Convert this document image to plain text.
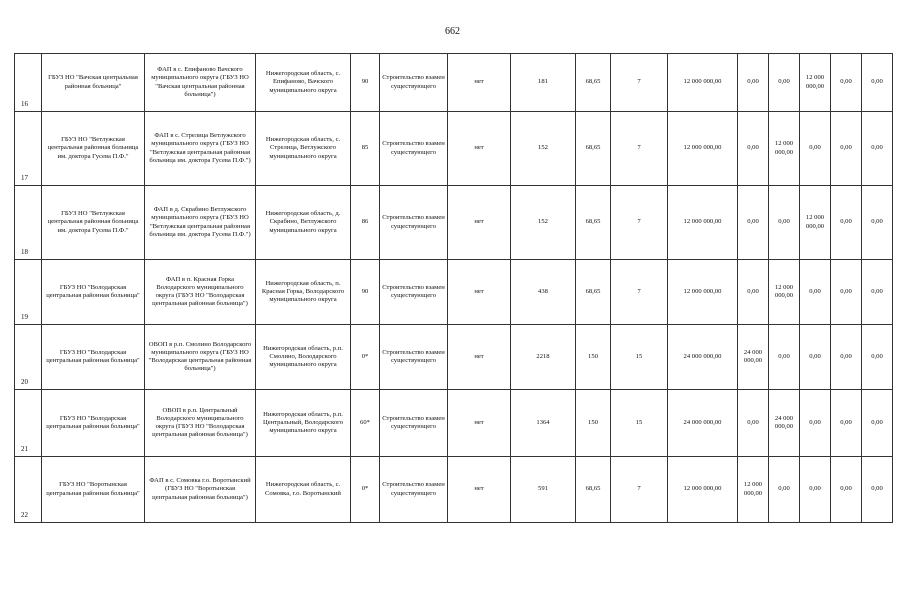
662
16	ГБУЗ НО "Вачская центральная районная больница"	ФАП в с. Епифаново Вачского муниципального округа (ГБУЗ НО "Вачская центральная районная больница")	Нижегородская область, с. Епифаново, Вачского муниципального округа	90	Строительство взамен существующего	нет	181	68,65	7	12 000 000,00	0,00	0,00	12 000 000,00	0,00	0,00
17	ГБУЗ НО "Ветлужская центральная районная больница им. доктора Гусева П.Ф."	ФАП в с. Стрелица Ветлужского муниципального округа (ГБУЗ НО "Ветлужская центральная районная больница им. доктора Гусева П.Ф.")	Нижегородская область, с. Стрелица, Ветлужского муниципального округа	85	Строительство взамен существующего	нет	152	68,65	7	12 000 000,00	0,00	12 000 000,00	0,00	0,00	0,00
18	ГБУЗ НО "Ветлужская центральная районная больница им. доктора Гусева П.Ф."	ФАП в д. Скрабино Ветлужского муниципального округа (ГБУЗ НО "Ветлужская центральная районная больница им. доктора Гусева П.Ф.")	Нижегородская область, д. Скрабино, Ветлужского муниципального округа	86	Строительство взамен существующего	нет	152	68,65	7	12 000 000,00	0,00	0,00	12 000 000,00	0,00	0,00
19	ГБУЗ НО "Володарская центральная районная больница"	ФАП в п. Красная Горка Володарского муниципального округа (ГБУЗ НО "Володарская центральная районная больница")	Нижегородская область, п. Красная Горка, Володарского муниципального округа	90	Строительство взамен существующего	нет	438	68,65	7	12 000 000,00	0,00	12 000 000,00	0,00	0,00	0,00
20	ГБУЗ НО "Володарская центральная районная больница"	ОВОП в р.п. Смолино Володарского муниципального округа (ГБУЗ НО "Володарская центральная районная больница")	Нижегородская область, р.п. Смолино, Володарского муниципального округа	0*	Строительство взамен существующего	нет	2218	150	15	24 000 000,00	24 000 000,00	0,00	0,00	0,00	0,00
21	ГБУЗ НО "Володарская центральная районная больница"	ОВОП в р.п. Центральный Володарского муниципального округа (ГБУЗ НО "Володарская центральная районная больница")	Нижегородская область, р.п. Центральный, Володарского муниципального округа	60*	Строительство взамен существующего	нет	1364	150	15	24 000 000,00	0,00	24 000 000,00	0,00	0,00	0,00
22	ГБУЗ НО "Воротынская центральная районная больница"	ФАП в с. Сомовка г.о. Воротынский (ГБУЗ НО "Воротынская центральная районная больница")	Нижегородская область, с. Сомовка, г.о. Воротынский	0*	Строительство взамен существующего	нет	591	68,65	7	12 000 000,00	12 000 000,00	0,00	0,00	0,00	0,00
